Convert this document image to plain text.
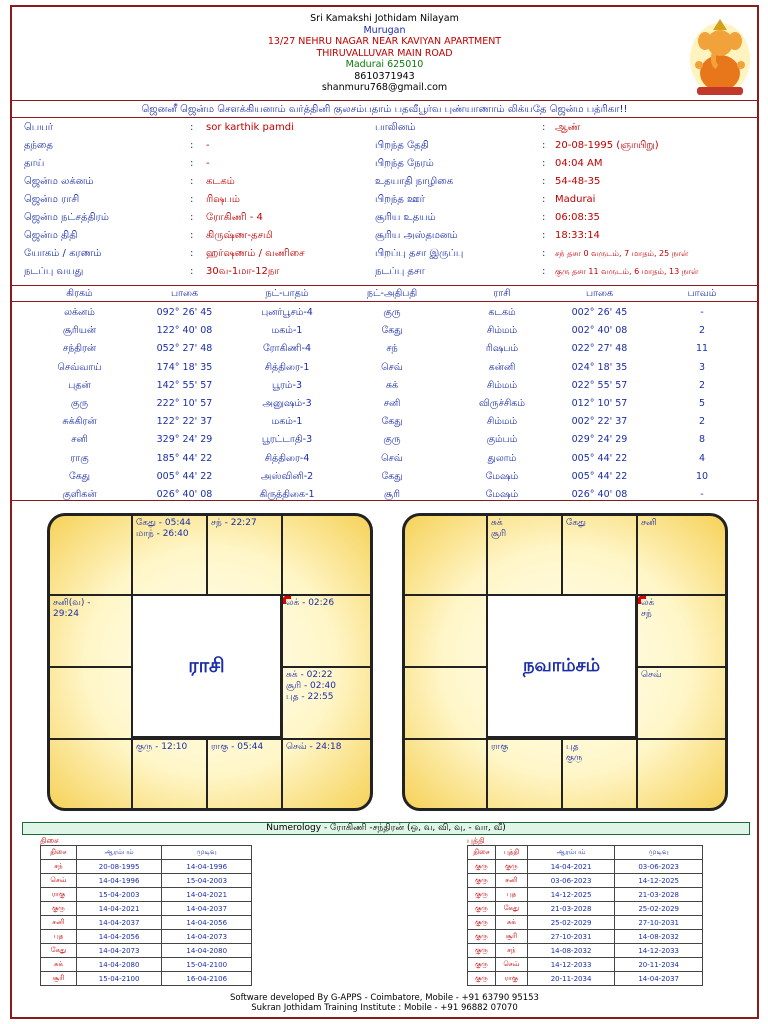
Sri Kamakshi Jothidam Nilayam
Murugan
13/27 NEHRU NAGAR NEAR KAVIYAN APARTMENT
THIRUVALLUVAR MAIN ROAD
Madurai 625010
8610371943
shanmuru768@gmail.com
ஜெனனீ ஜென்ம சௌக்கியனாம் வர்த்தினி குலசம்பதாம் பதவீபூர்வ புண்யாணாம் லிக்யதே ஜென்ம பத்ரிகா!!
பெயர்	: sor karthik pamdi	பாலினம்	: ஆண்
தந்தை	: -	பிறந்த தேதி	: 20-08-1995 (ஞாயிறு)
தாய்	: -	பிறந்த நேரம்	: 04:04 AM
ஜென்ம லக்னம்	: கடகம்	உதயாதி நாழிகை	: 54-48-35
ஜென்ம ராசி	: ரிஷபம்	பிறந்த ஊர்	: Madurai
ஜென்ம நட்சத்திரம்	: ரோகிணி - 4	சூரிய உதயம்	: 06:08:35
ஜென்ம திதி	: கிருஷ்ண-தசமி	சூரிய அஸ்தமனம்	: 18:33:14
யோகம் / கரணம்	: ஹர்ஷணம் / வணிசை	பிறப்பு தசா இருப்பு	: சந் தசா 0 வருடம், 7 மாதம், 25 நாள்
நடப்பு வயது	: 30வ-1மா-12நா	நடப்பு தசா	: குரு தசா 11 வருடம், 6 மாதம், 13 நாள்
கிரகம்	பாகை	நட்-பாதம்	நட்-அதிபதி	ராசி	பாகை	பாவம்
லக்னம்	092° 26' 45	புனர்பூசம்-4	குரு	கடகம்	002° 26' 45	-
சூரியன்	122° 40' 08	மகம்-1	கேது	சிம்மம்	002° 40' 08	2
சந்திரன்	052° 27' 48	ரோகிணி-4	சந்	ரிஷபம்	022° 27' 48	11
செவ்வாய்	174° 18' 35	சித்திரை-1	செவ்	கன்னி	024° 18' 35	3
புதன்	142° 55' 57	பூரம்-3	சுக்	சிம்மம்	022° 55' 57	2
குரு	222° 10' 57	அனுஷம்-3	சனி	விருச்சிகம்	012° 10' 57	5
சுக்கிரன்	122° 22' 37	மகம்-1	கேது	சிம்மம்	002° 22' 37	2
சனி	329° 24' 29	பூரட்டாதி-3	குரு	கும்பம்	029° 24' 29	8
ராகு	185° 44' 22	சித்திரை-4	செவ்	துலாம்	005° 44' 22	4
கேது	005° 44' 22	அஸ்வினி-2	கேது	மேஷம்	005° 44' 22	10
குளிகன்	026° 40' 08	கிருத்திகை-1	சூரி	மேஷம்	026° 40' 08	-
கேது - 05:44
மாந் - 26:40
சந் - 22:27
சனி(வ) -
29:24
லக் - 02:26
சுக் - 02:22
சூரி - 02:40
புத - 22:55
குரு - 12:10	ராகு - 05:44	செவ் - 24:18
ராசி
சுக்
சூரி
கேது	சனி
லக்
சந்
செவ்
ராகு	புத
குரு
நவாம்சம்
Numerology - ரோகிணி -சந்திரன் (ஒ, வ, வி, வு, - வா, வீ)
திசை
திசை	ஆரம்பம்	முடிவு
சந்	20-08-1995	14-04-1996
செவ்	14-04-1996	15-04-2003
ராகு	15-04-2003	14-04-2021
குரு	14-04-2021	14-04-2037
சனி	14-04-2037	14-04-2056
புத	14-04-2056	14-04-2073
கேது	14-04-2073	14-04-2080
சுக்	14-04-2080	15-04-2100
சூரி	15-04-2100	16-04-2106
புத்தி
திசை	புத்தி	ஆரம்பம்	முடிவு
குரு	குரு	14-04-2021	03-06-2023
குரு	சனி	03-06-2023	14-12-2025
குரு	புத	14-12-2025	21-03-2028
குரு	கேது	21-03-2028	25-02-2029
குரு	சுக்	25-02-2029	27-10-2031
குரு	சூரி	27-10-2031	14-08-2032
குரு	சந்	14-08-2032	14-12-2033
குரு	செவ்	14-12-2033	20-11-2034
குரு	ராகு	20-11-2034	14-04-2037
Software developed By G-APPS - Coimbatore, Mobile - +91 63790 95153
Sukran Jothidam Training Institute : Mobile - +91 96882 07070
